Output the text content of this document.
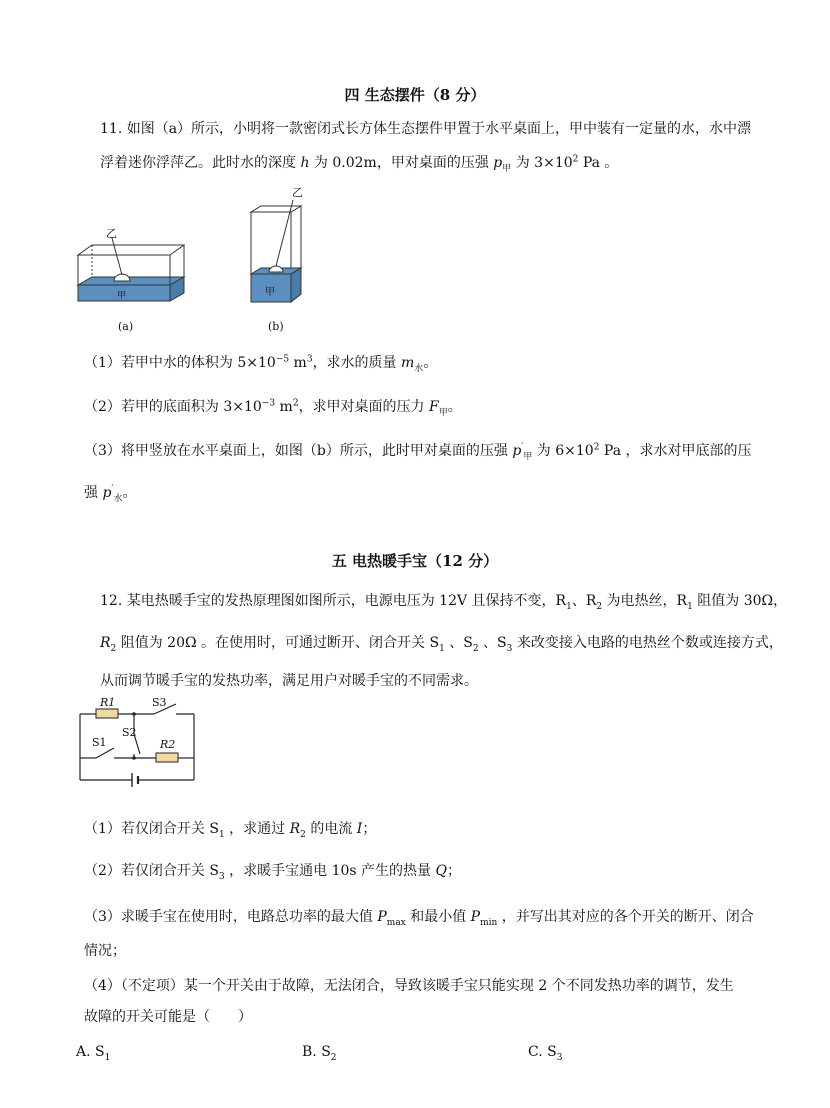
四 生态摆件（8 分）
11. 如图（a）所示，小明将一款密闭式长方体生态摆件甲置于水平桌面上，甲中装有一定量的水，水中漂
浮着迷你浮萍乙。此时水的深度 h 为 0.02m，甲对桌面的压强 $p_甲$ 为 $3\times 10^2$ Pa 。
乙
甲
(a)
乙
甲
(b)
（1）若甲中水的体积为 $5\times 10^{-5}$ $m^3$，求水的质量 $m_水$。
（2）若甲的底面积为 $3\times 10^{-3}$ $m^2$，求甲对桌面的压力 $F_甲$。
（3）将甲竖放在水平桌面上，如图（b）所示，此时甲对桌面的压强 $p'_甲$ 为 $6\times 10^2$ Pa ，求水对甲底部的压
强 $p'_水$。
五 电热暖手宝（12 分）
12. 某电热暖手宝的发热原理图如图所示，电源电压为 12V 且保持不变，$R_1$、$R_2$ 为电热丝，$R_1$ 阻值为 30Ω，
$R_2$ 阻值为 20Ω 。在使用时，可通过断开、闭合开关 $S_1$ 、$S_2$ 、$S_3$ 来改变接入电路的电热丝个数或连接方式，
从而调节暖手宝的发热功率，满足用户对暖手宝的不同需求。
R1	S3
S2
S1	R2
（1）若仅闭合开关 $S_1$ ，求通过 $R_2$ 的电流 I；
（2）若仅闭合开关 $S_3$ ，求暖手宝通电 10s 产生的热量 Q；
（3）求暖手宝在使用时，电路总功率的最大值 $P_{max}$ 和最小值 $P_{min}$ ，并写出其对应的各个开关的断开、闭合
情况；
（4）（不定项）某一个开关由于故障，无法闭合，导致该暖手宝只能实现 2 个不同发热功率的调节，发生
故障的开关可能是（　　）
A. $S_1$	B. $S_2$	C. $S_3$
